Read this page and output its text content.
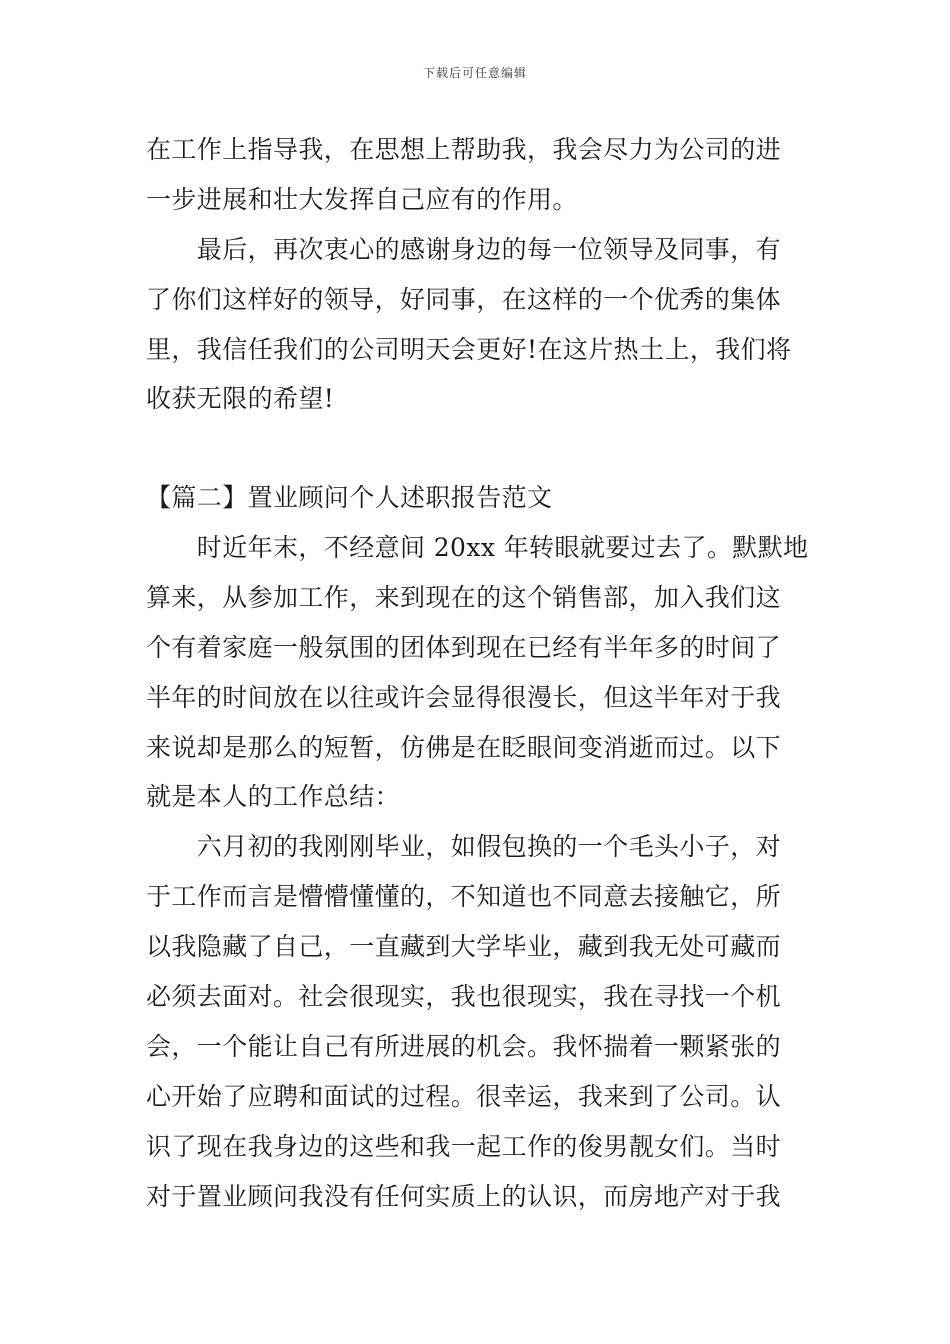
下载后可任意编辑
在工作上指导我，在思想上帮助我，我会尽力为公司的进
一步进展和壮大发挥自己应有的作用。
　　最后，再次衷心的感谢身边的每一位领导及同事，有
了你们这样好的领导，好同事，在这样的一个优秀的集体
里，我信任我们的公司明天会更好!在这片热土上，我们将
收获无限的希望!
【篇二】置业顾问个人述职报告范文
　　时近年末，不经意间 20xx 年转眼就要过去了。默默地
算来，从参加工作，来到现在的这个销售部，加入我们这
个有着家庭一般氛围的团体到现在已经有半年多的时间了
半年的时间放在以往或许会显得很漫长，但这半年对于我
来说却是那么的短暂，仿佛是在眨眼间变消逝而过。以下
就是本人的工作总结：
　　六月初的我刚刚毕业，如假包换的一个毛头小子，对
于工作而言是懵懵懂懂的，不知道也不同意去接触它，所
以我隐藏了自己，一直藏到大学毕业，藏到我无处可藏而
必须去面对。社会很现实，我也很现实，我在寻找一个机
会，一个能让自己有所进展的机会。我怀揣着一颗紧张的
心开始了应聘和面试的过程。很幸运，我来到了公司。认
识了现在我身边的这些和我一起工作的俊男靓女们。当时
对于置业顾问我没有任何实质上的认识，而房地产对于我
